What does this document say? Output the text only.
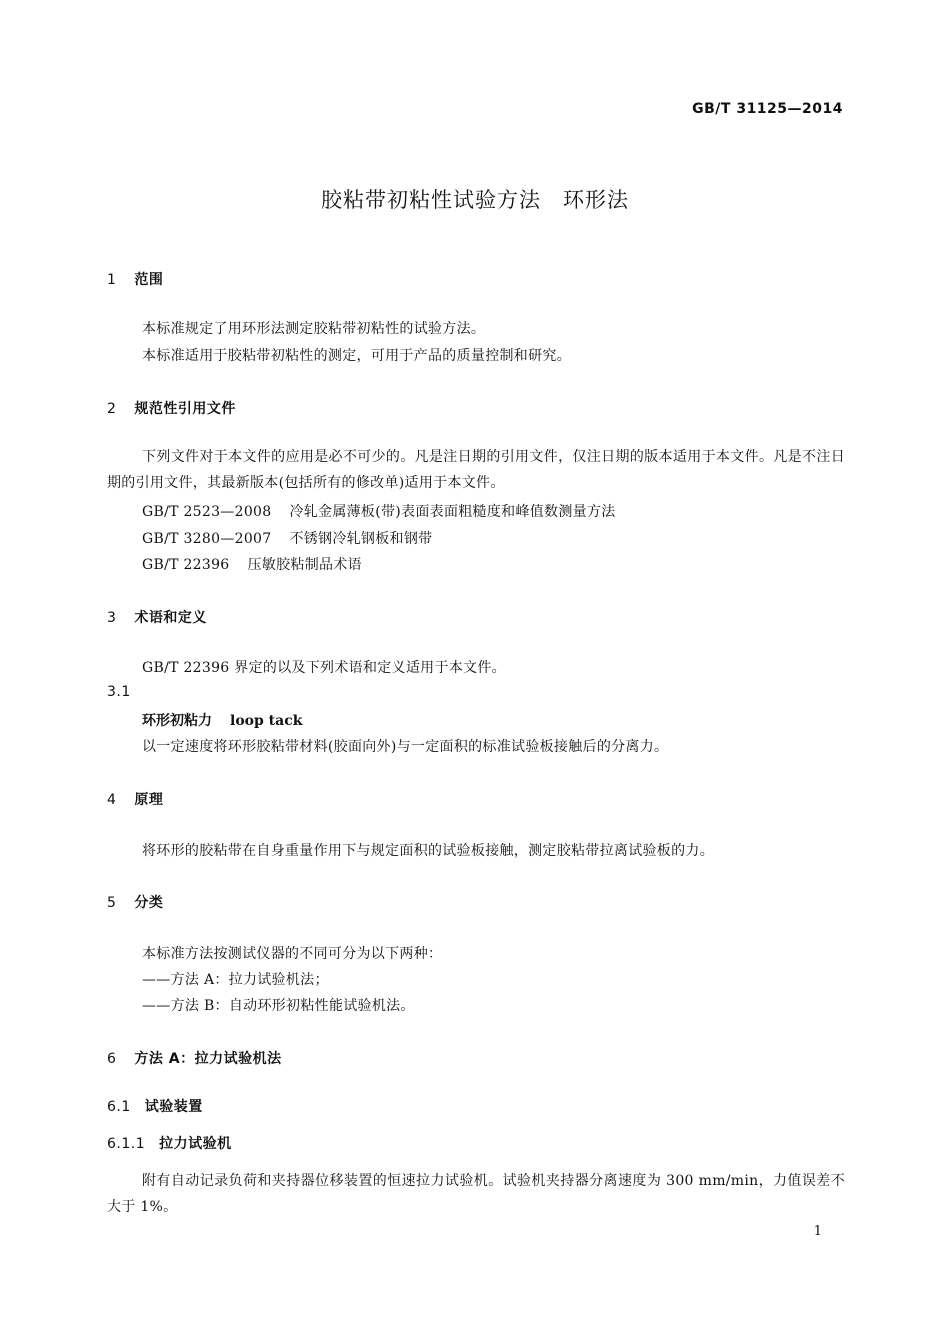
GB/T 31125—2014
胶粘带初粘性试验方法　环形法
1 范围
本标准规定了用环形法测定胶粘带初粘性的试验方法。
本标准适用于胶粘带初粘性的测定，可用于产品的质量控制和研究。
2 规范性引用文件
下列文件对于本文件的应用是必不可少的。凡是注日期的引用文件，仅注日期的版本适用于本文件。凡是不注日期的引用文件，其最新版本(包括所有的修改单)适用于本文件。
GB/T 2523—2008 冷轧金属薄板(带)表面表面粗糙度和峰值数测量方法
GB/T 3280—2007 不锈钢冷轧钢板和钢带
GB/T 22396 压敏胶粘制品术语
3 术语和定义
GB/T 22396 界定的以及下列术语和定义适用于本文件。
3.1
环形初粘力 loop tack
以一定速度将环形胶粘带材料(胶面向外)与一定面积的标准试验板接触后的分离力。
4 原理
将环形的胶粘带在自身重量作用下与规定面积的试验板接触，测定胶粘带拉离试验板的力。
5 分类
本标准方法按测试仪器的不同可分为以下两种：
——方法 A：拉力试验机法；
——方法 B：自动环形初粘性能试验机法。
6 方法 A：拉力试验机法
6.1 试验装置
6.1.1 拉力试验机
附有自动记录负荷和夹持器位移装置的恒速拉力试验机。试验机夹持器分离速度为 300 mm/min，力值误差不大于 1%。
1
